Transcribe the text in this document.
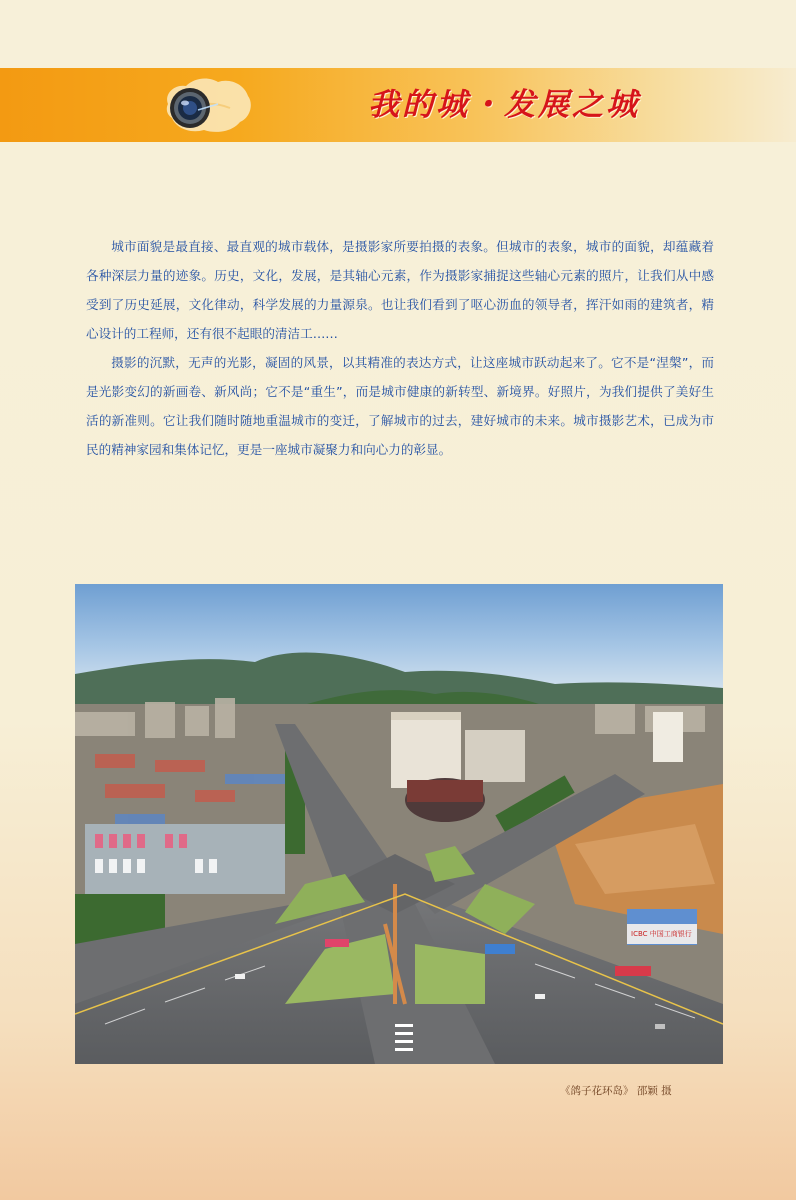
我的城・发展之城

城市面貌是最直接、最直观的城市载体，是摄影家所要拍摄的表象。但城市的表象，城市的面貌，却蕴藏着各种深层力量的迹象。历史，文化，发展，是其轴心元素，作为摄影家捕捉这些轴心元素的照片，让我们从中感受到了历史延展，文化律动，科学发展的力量源泉。也让我们看到了呕心沥血的领导者，挥汗如雨的建筑者，精心设计的工程师，还有很不起眼的清洁工……

摄影的沉默，无声的光影，凝固的风景，以其精准的表达方式，让这座城市跃动起来了。它不是“涅槃”，而是光影变幻的新画卷、新风尚；它不是“重生”，而是城市健康的新转型、新境界。好照片，为我们提供了美好生活的新准则。它让我们随时随地重温城市的变迁，了解城市的过去，建好城市的未来。城市摄影艺术，已成为市民的精神家园和集体记忆，更是一座城市凝聚力和向心力的彰显。

ICBC 中国工商银行
《鸽子花环岛》 邵颖 摄
